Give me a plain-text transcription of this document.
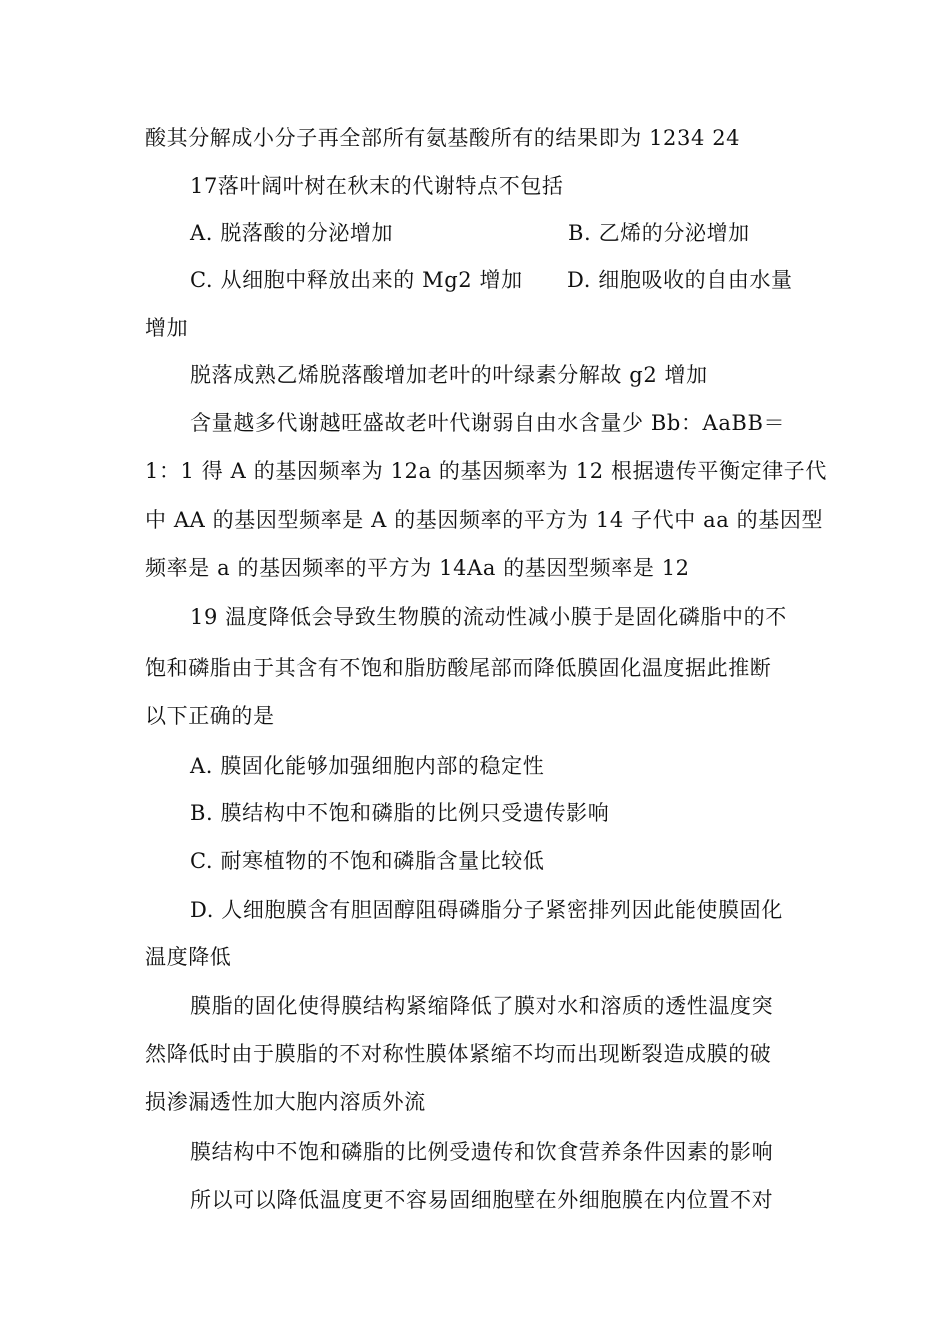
酸其分解成小分子再全部所有氨基酸所有的结果即为 1234 24
17落叶阔叶树在秋末的代谢特点不包括
A. 脱落酸的分泌增加	B. 乙烯的分泌增加
C. 从细胞中释放出来的 Mg2 增加 D. 细胞吸收的自由水量
增加
脱落成熟乙烯脱落酸增加老叶的叶绿素分解故 g2 增加
含量越多代谢越旺盛故老叶代谢弱自由水含量少 Bb：AaBB＝
1：1 得 A 的基因频率为 12a 的基因频率为 12 根据遗传平衡定律子代
中 AA 的基因型频率是 A 的基因频率的平方为 14 子代中 aa 的基因型
频率是 a 的基因频率的平方为 14Aa 的基因型频率是 12
19 温度降低会导致生物膜的流动性减小膜于是固化磷脂中的不
饱和磷脂由于其含有不饱和脂肪酸尾部而降低膜固化温度据此推断
以下正确的是
A. 膜固化能够加强细胞内部的稳定性
B. 膜结构中不饱和磷脂的比例只受遗传影响
C. 耐寒植物的不饱和磷脂含量比较低
D. 人细胞膜含有胆固醇阻碍磷脂分子紧密排列因此能使膜固化
温度降低
膜脂的固化使得膜结构紧缩降低了膜对水和溶质的透性温度突
然降低时由于膜脂的不对称性膜体紧缩不均而出现断裂造成膜的破
损渗漏透性加大胞内溶质外流
膜结构中不饱和磷脂的比例受遗传和饮食营养条件因素的影响
所以可以降低温度更不容易固细胞壁在外细胞膜在内位置不对
